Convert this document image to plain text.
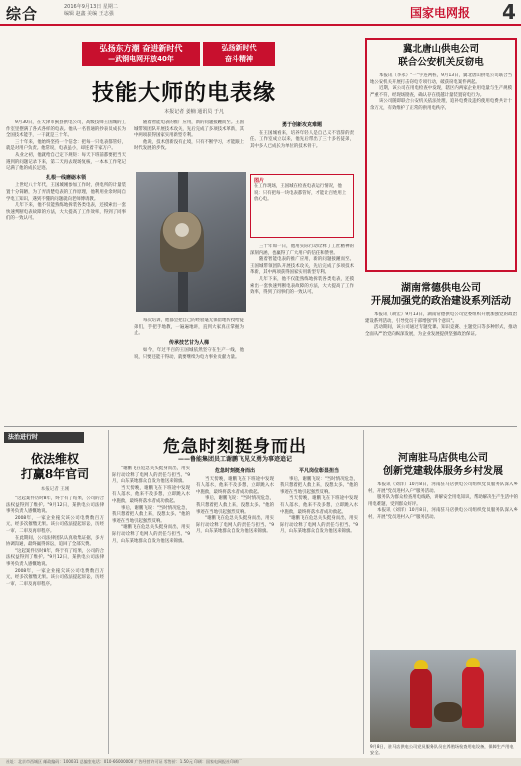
综合	2016年9月13日 星期二
编辑 赵鑫 美编 王志强	国家电网报 4
弘扬东方潮 奋进新时代
—武钢电网开放40年
弘扬新时代
奋斗精神
技能大师的电表缘
本报记者 姜楠 通讯员 于凡

9月30日，在天津市蓟县供电公司，高级技师王国城的工作室里摆满了各式各样的电表。他从一名普通的抄表员成长为全国技术能手，一干就是三十年。

三十年来，他始终坚持一个信念：把每一只电表都管好，就是对用户负责。他常说，电表虽小，却连着千家万户。

从业之初，他就给自己定下规矩：每天下班前都要把当天遇到的问题记录下来，第二天再去现场复核，一本本工作笔记记满了他的成长足迹。

扎根一线磨砺本领

上世纪八十年代，王国城刚参加工作时，供电所的计量装置十分简陋，为了弄清楚电表的工作原理，他利用业余时间自学电工知识，遇到不懂的问题就向老师傅请教。

几年下来，他不仅能熟练地拆装各类电表，还摸索出一套快速判断电表故障的方法，大大提高了工作效率，得到了同事们的一致认可。

随着智能电表的推广应用，新的问题接踵而至。王国城带领团队开展技术攻关，先后完成了多项技术革新，其中两项获得国家实用新型专利。

他说，技术创新没有止境，只有不断学习，才能跟上时代发展的步伐。

图片
在工作现场，王国城在检查电表运行情况，他说：只有把每一块电表都管好，才能让百姓用上放心电。

勇于创新攻克难题

在王国城看来，培养年轻人是自己义不容辞的责任。工作室成立以来，他先后带出了三十多名徒弟，其中多人已成长为单位的技术骨干。

每次培训，他都会把自己的经验毫无保留地传授给徒弟们，手把手地教，一遍遍地讲，直到大家真正掌握为止。

传承技艺甘为人梯

如今，年过半百的王国城依然坚守在生产一线，他说，只要还能干得动，就要继续为电力事业贡献力量。

三十年如一日，他用实际行动诠释了工匠精神的深刻内涵，也赢得了广大用户的信任和赞誉。

随着智能电表的推广应用，新的问题接踵而至。王国城带领团队开展技术攻关，先后完成了多项技术革新，其中两项获得国家实用新型专利。

几年下来，他不仅能熟练地拆装各类电表，还摸索出一套快速判断电表故障的方法，大大提高了工作效率，得到了同事们的一致认可。

冀北唐山供电公司
联合公安机关反窃电

本报讯（李永）"一"字连两桩，9月13日，冀北唐山供电公司联合当地公安机关开展打击窃电专项行动，破获窃电案件两起。

近期，该公司在用电检查中发现，辖区内两家企业用电量与生产规模严重不符，经现场勘查，确认存在绕越计量装置窃电行为。

该公司随即联合公安机关依法处理，追补电费及违约使用电费共计十余万元，有效维护了正常的供用电秩序。

湖南常德供电公司
开展加强党的政治建设系列活动

本报讯（胡宏）9月13日，湖南常德供电公司党委组织开展加强党的政治建设系列活动，引导党员干部增强"四个意识"。

活动期间，该公司通过专题党课、知识竞赛、主题党日等多种形式，推动全面从严治党向纵深发展，为企业发展提供坚强政治保证。

法治进行时
依法维权
打赢8年官司
本报记者 王刚

"这起案件历时8年，终于有了结果，公司的合法权益得到了维护。"9月12日，某供电公司法律事务负责人感慨地说。

2008年，一家企业拖欠该公司电费数百万元，经多次催缴无果。该公司依法提起诉讼，历经一审、二审及再审程序。

在此期间，公司法律团队认真收集证据，多方协调沟通，最终赢得诉讼，追回了全部欠费。

"这起案件历时8年，终于有了结果，公司的合法权益得到了维护。"9月12日，某供电公司法律事务负责人感慨地说。

2008年，一家企业拖欠该公司电费数百万元，经多次催缴无果。该公司依法提起诉讼，历经一审、二审及再审程序。

危急时刻挺身而出
——鲁能集团员工谢鹏飞见义勇为事迹追记

"谢鹏飞在危急关头挺身而出，用实际行动诠释了电网人的责任与担当。"9月，山东某地群众自发为他送来锦旗。

当天傍晚，谢鹏飞在下班途中发现有人落水，他来不及多想，立即跳入水中施救，最终将落水者成功救起。

事后，谢鹏飞说："当时情况危急，我只想着把人救上来，没想太多。"他的事迹在当地引起强烈反响。

"谢鹏飞在危急关头挺身而出，用实际行动诠释了电网人的责任与担当。"9月，山东某地群众自发为他送来锦旗。

危急时刻挺身而出

当天傍晚，谢鹏飞在下班途中发现有人落水，他来不及多想，立即跳入水中施救，最终将落水者成功救起。

事后，谢鹏飞说："当时情况危急，我只想着把人救上来，没想太多。"他的事迹在当地引起强烈反响。

"谢鹏飞在危急关头挺身而出，用实际行动诠释了电网人的责任与担当。"9月，山东某地群众自发为他送来锦旗。

平凡岗位彰显担当

事后，谢鹏飞说："当时情况危急，我只想着把人救上来，没想太多。"他的事迹在当地引起强烈反响。

当天傍晚，谢鹏飞在下班途中发现有人落水，他来不及多想，立即跳入水中施救，最终将落水者成功救起。

"谢鹏飞在危急关头挺身而出，用实际行动诠释了电网人的责任与担当。"9月，山东某地群众自发为他送来锦旗。

河南驻马店供电公司
创新党建载体服务乡村发展

本报讯（刘洋）10月8日，河南驻马店供电公司组织党员服务队深入乡村，开展"党员进村入户"服务活动。

服务队为群众检查用电线路，讲解安全用电知识，帮助解决生产生活中的用电难题，受到群众好评。

本报讯（刘洋）10月8日，河南驻马店供电公司组织党员服务队深入乡村，开展"党员进村入户"服务活动。

9月8日，驻马店供电公司党员服务队员在养殖场检查用电设备，保障生产用电安全。
社址：北京市西城区 邮政编码：100031 总编室电话：010-66000000 广告经营许可证 零售价：1.50元 印刷：国家电网报社印刷厂
